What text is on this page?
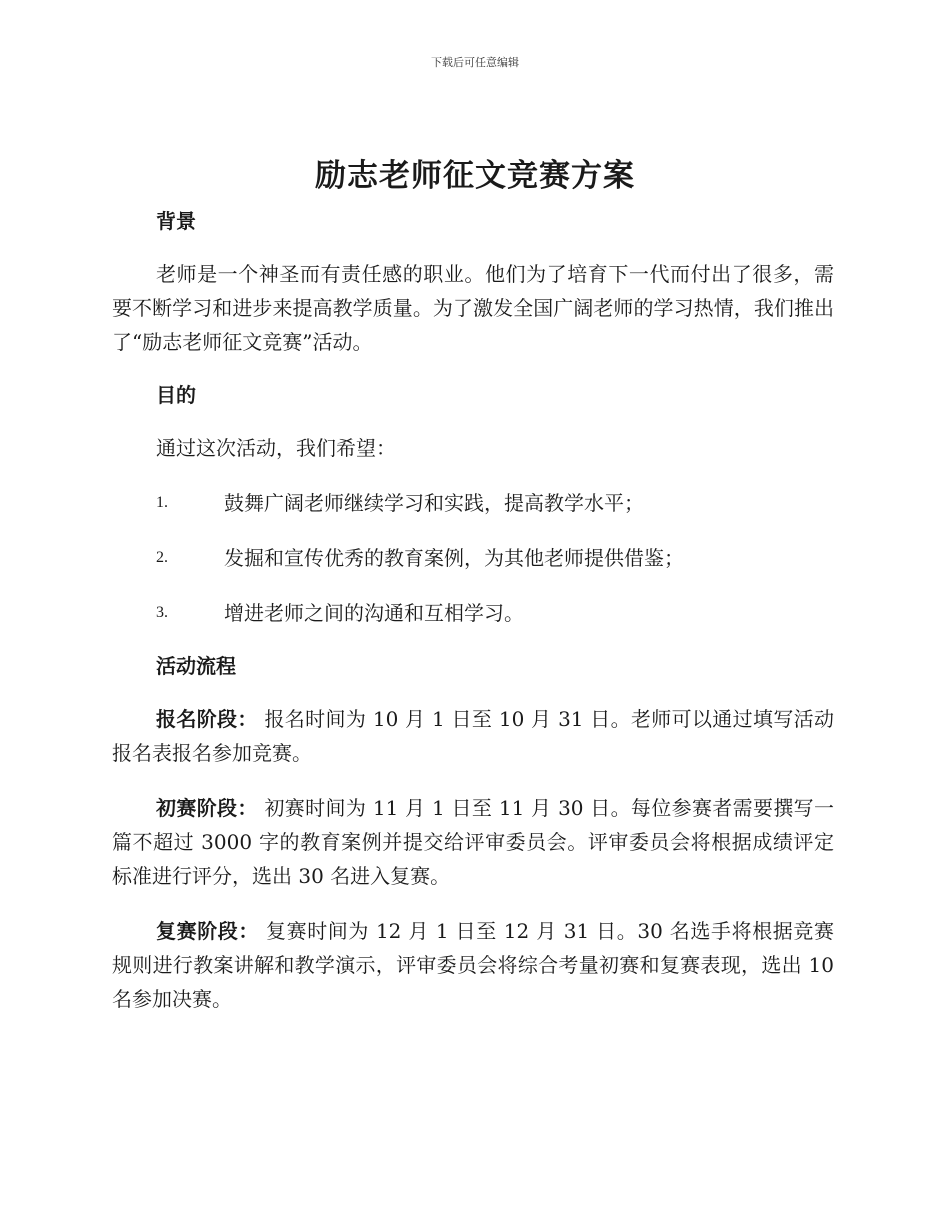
下载后可任意编辑
励志老师征文竞赛方案
背景

老师是一个神圣而有责任感的职业。他们为了培育下一代而付出了很多，需要不断学习和进步来提高教学质量。为了激发全国广阔老师的学习热情，我们推出了“励志老师征文竞赛”活动。

目的

通过这次活动，我们希望：

1.	鼓舞广阔老师继续学习和实践，提高教学水平；
2.	发掘和宣传优秀的教育案例，为其他老师提供借鉴；
3.	增进老师之间的沟通和互相学习。
活动流程

报名阶段： 报名时间为 10 月 1 日至 10 月 31 日。老师可以通过填写活动报名表报名参加竞赛。

初赛阶段： 初赛时间为 11 月 1 日至 11 月 30 日。每位参赛者需要撰写一篇不超过 3000 字的教育案例并提交给评审委员会。评审委员会将根据成绩评定标准进行评分，选出 30 名进入复赛。

复赛阶段： 复赛时间为 12 月 1 日至 12 月 31 日。30 名选手将根据竞赛规则进行教案讲解和教学演示，评审委员会将综合考量初赛和复赛表现，选出 10 名参加决赛。
